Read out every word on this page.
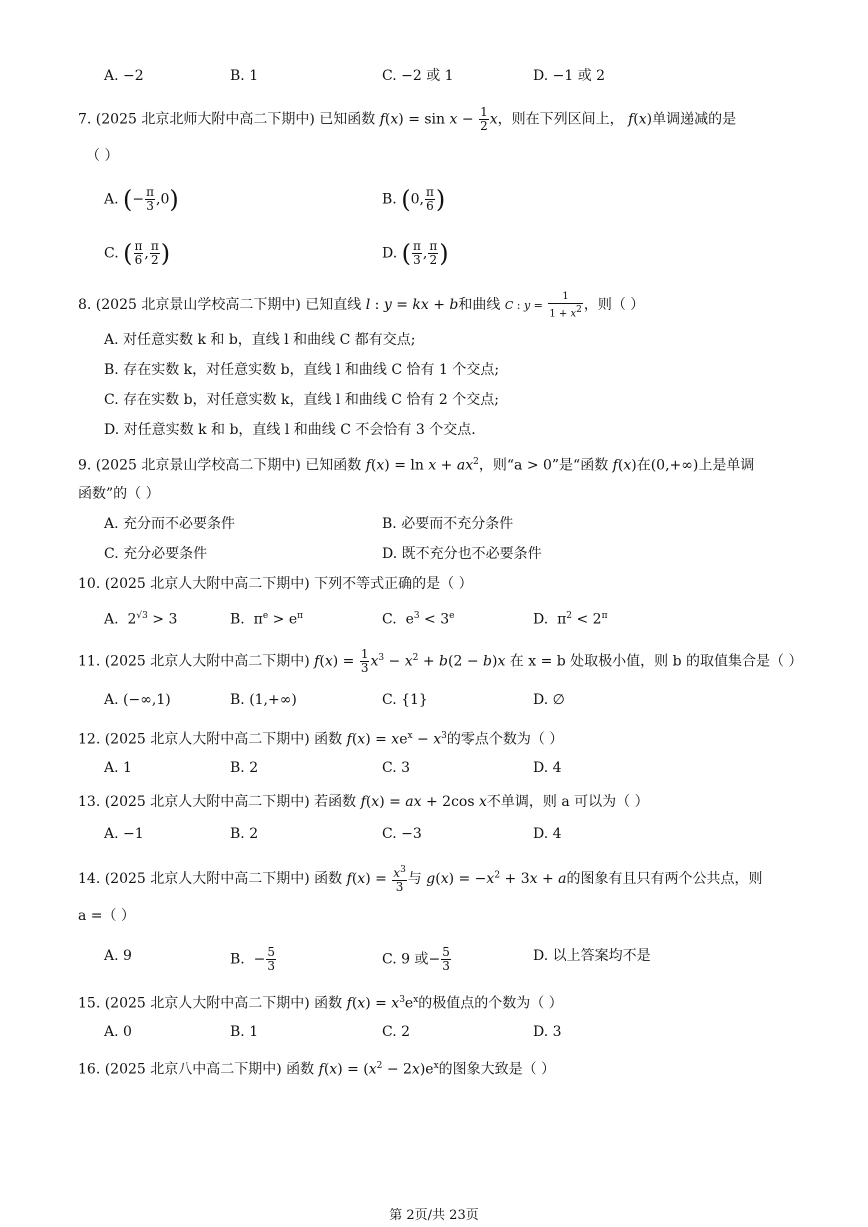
A. −2	B. 1	C. −2 或 1	D. −1 或 2
7. (2025 北京北师大附中高二下期中) 已知函数 $f(x) = \sin x - \frac{1}{2}$ x，则在下列区间上， f(x)单调递减的是
（ ）
A. (− $\frac{\pi}{3} ,0$)	B. (0, $\frac{\pi}{6}$ )
C. ( $\frac{\pi}{6}$ , $\frac{\pi}{2}$ )	D. ( $\frac{\pi}{3}$ , $\frac{\pi}{2}$ )
8. (2025 北京景山学校高二下期中) 已知直线 l : y = kx + b和曲线 C : $y = \frac{1}{1 + x^2}$ ，则（ ）
A. 对任意实数 k 和 b，直线 l 和曲线 C 都有交点;
B. 存在实数 k，对任意实数 b，直线 l 和曲线 C 恰有 1 个交点;
C. 存在实数 b，对任意实数 k，直线 l 和曲线 C 恰有 2 个交点;
D. 对任意实数 k 和 b，直线 l 和曲线 C 不会恰有 3 个交点.
9. (2025 北京景山学校高二下期中) 已知函数 $f(x) = \ln x + ax^2$，则“a > 0”是“函数 f(x)在(0,+∞)上是单调
函数”的（ ）
A. 充分而不必要条件	B. 必要而不充分条件
C. 充分必要条件	D. 既不充分也不必要条件
10. (2025 北京人大附中高二下期中) 下列不等式正确的是（ ）
A.  $2^{√3} > 3$	B.  $\pi^e > e^\pi$	C.  $e^3 < 3^e$	D.  $\pi^2 < 2^\pi$
11. (2025 北京人大附中高二下期中) $f(x) = \frac{1}{3} x^3 - x^2 + b(2 - b)x$ 在 x = b 处取极小值，则 b 的取值集合是（ ）
A. (−∞,1)	B. (1,+∞)	C. {1}	D. ∅
12. (2025 北京人大附中高二下期中) 函数 $f(x) = xe^x - x^3$的零点个数为（ ）
A. 1	B. 2	C. 3	D. 4
13. (2025 北京人大附中高二下期中) 若函数 f(x) = ax + 2cos x不单调，则 a 可以为（ ）
A. −1	B. 2	C. −3	D. 4
14. (2025 北京人大附中高二下期中) 函数 $f(x) = \frac{x^3}{3}$ 与 $g(x) = -x^2 + 3x + a$的图象有且只有两个公共点，则
a =（ ）
A. 9	B.  − $\frac{5}{3}$	C. 9 或− $\frac{5}{3}$	D. 以上答案均不是
15. (2025 北京人大附中高二下期中) 函数 $f(x) = x^3e^x$的极值点的个数为（ ）
A. 0	B. 1	C. 2	D. 3
16. (2025 北京八中高二下期中) 函数 $f(x) = (x^2 - 2x)e^x$的图象大致是（ ）
第 2页/共 23页
